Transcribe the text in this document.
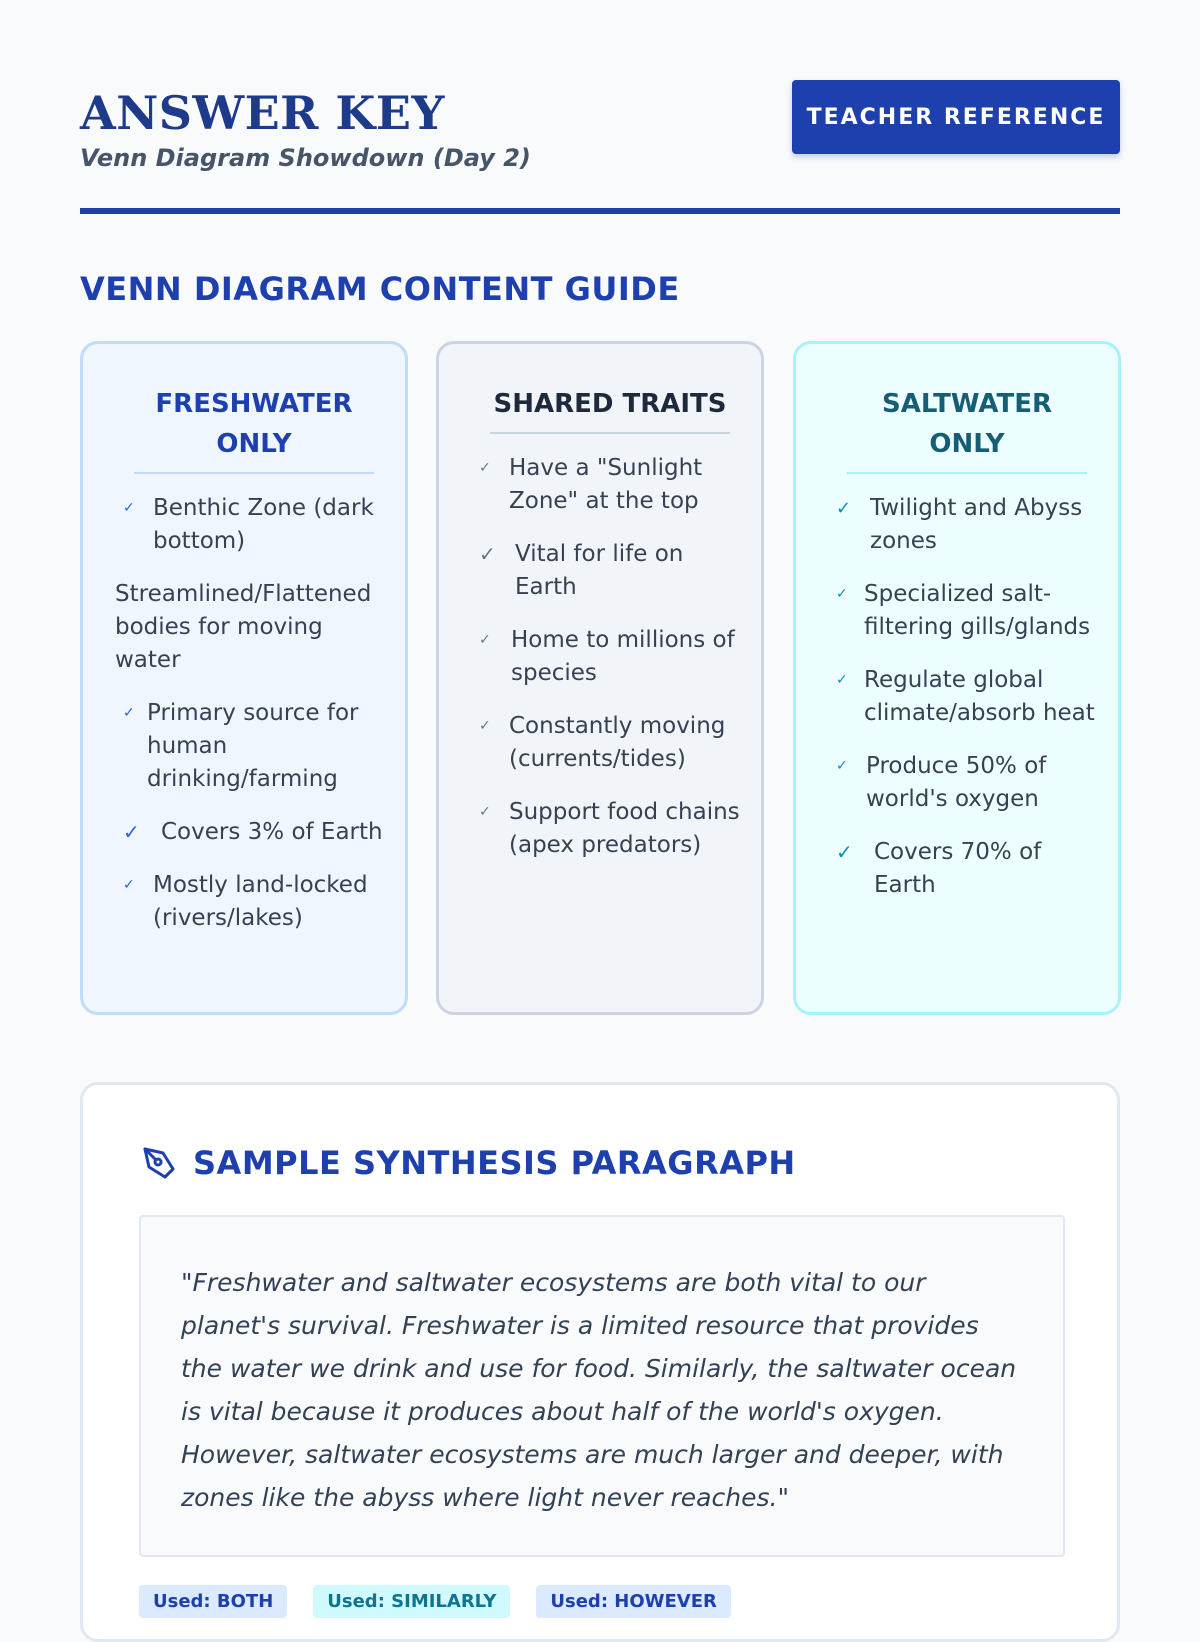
ANSWER KEY
Venn Diagram Showdown (Day 2)
TEACHER REFERENCE
VENN DIAGRAM CONTENT GUIDE
FRESHWATER ONLY
✓ Benthic Zone (dark bottom)
Streamlined/Flattened bodies for moving water
✓ Primary source for human drinking/farming
✓ Covers 3% of Earth
✓ Mostly land-locked (rivers/lakes)
SHARED TRAITS
✓ Have a "Sunlight Zone" at the top
✓ Vital for life on Earth
✓ Home to millions of species
✓ Constantly moving (currents/tides)
✓ Support food chains (apex predators)
SALTWATER ONLY
✓ Twilight and Abyss zones
✓ Specialized salt-filtering gills/glands
✓ Regulate global climate/absorb heat
✓ Produce 50% of world's oxygen
✓ Covers 70% of Earth
SAMPLE SYNTHESIS PARAGRAPH

"Freshwater and saltwater ecosystems are both vital to our planet's survival. Freshwater is a limited resource that provides the water we drink and use for food. Similarly, the saltwater ocean is vital because it produces about half of the world's oxygen. However, saltwater ecosystems are much larger and deeper, with zones like the abyss where light never reaches."

Used: BOTH	Used: SIMILARLY	Used: HOWEVER
